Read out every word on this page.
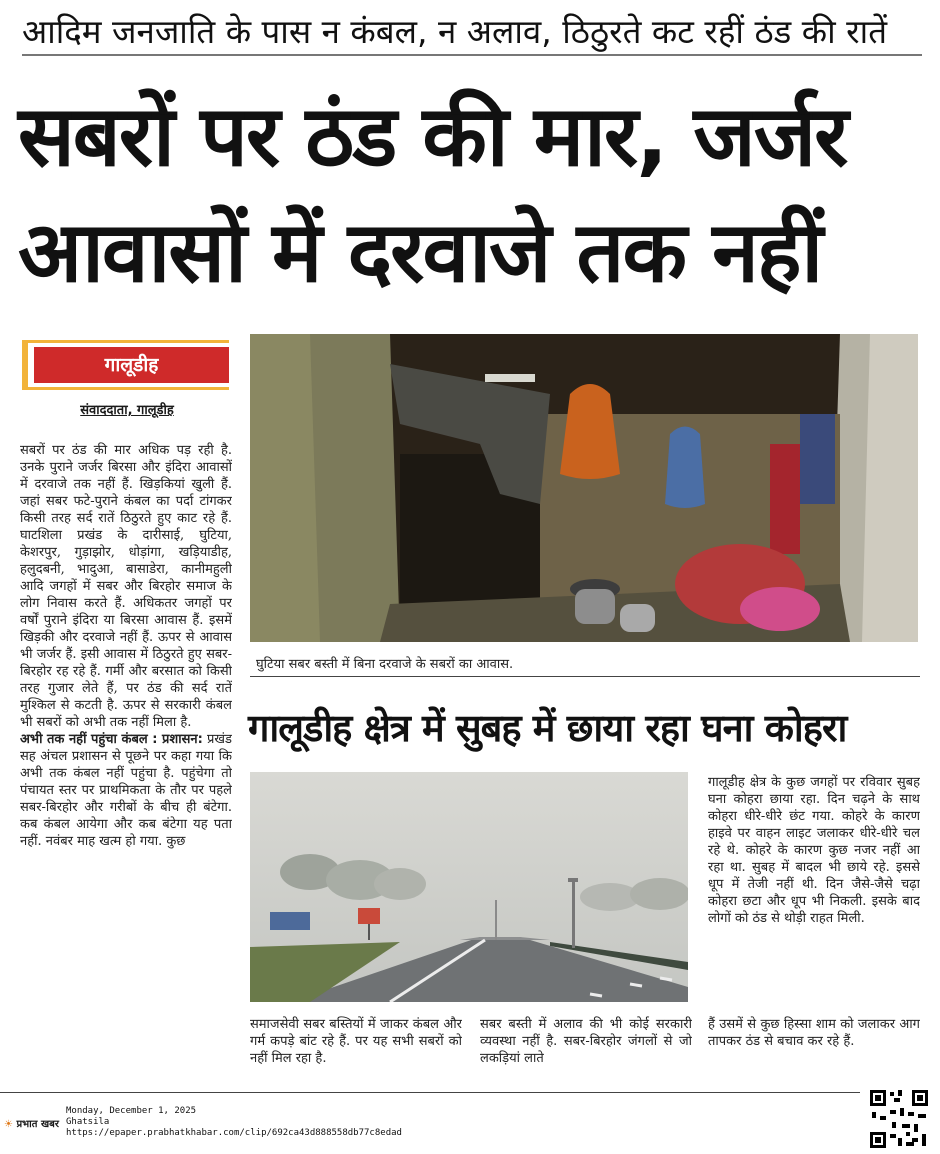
आदिम जनजाति के पास न कंबल, न अलाव, ठिठुरते कट रहीं ठंड की रातें
सबरों पर ठंड की मार, जर्जर
आवासों में दरवाजे तक नहीं
गालूडीह
संवाददाता, गालूडीह
सबरों पर ठंड की मार अधिक पड़ रही है. उनके पुराने जर्जर बिरसा और इंदिरा आवासों में दरवाजे तक नहीं हैं. खिड़कियां खुली हैं. जहां सबर फटे-पुराने कंबल का पर्दा टांगकर किसी तरह सर्द रातें ठिठुरते हुए काट रहे हैं. घाटशिला प्रखंड के दारीसाई, घुटिया, केशरपुर, गुड़ाझोर, धोड़ांगा, खड़ियाडीह, हलुदबनी, भादुआ, बासाडेरा, कानीमहुली आदि जगहों में सबर और बिरहोर समाज के लोग निवास करते हैं. अधिकतर जगहों पर वर्षों पुराने इंदिरा या बिरसा आवास हैं. इसमें खिड़की और दरवाजे नहीं हैं. ऊपर से आवास भी जर्जर हैं. इसी आवास में ठिठुरते हुए सबर-बिरहोर रह रहे हैं. गर्मी और बरसात को किसी तरह गुजार लेते हैं, पर ठंड की सर्द रातें मुश्किल से कटती है. ऊपर से सरकारी कंबल भी सबरों को अभी तक नहीं मिला है.
अभी तक नहीं पहुंचा कंबल : प्रशासन: प्रखंड सह अंचल प्रशासन से पूछने पर कहा गया कि अभी तक कंबल नहीं पहुंचा है. पहुंचेगा तो पंचायत स्तर पर प्राथमिकता के तौर पर पहले सबर-बिरहोर और गरीबों के बीच ही बंटेगा. कब कंबल आयेगा और कब बंटेगा यह पता नहीं. नवंबर माह खत्म हो गया. कुछ
घुटिया सबर बस्ती में बिना दरवाजे के सबरों का आवास.
गालूडीह क्षेत्र में सुबह में छाया रहा घना कोहरा
गालूडीह क्षेत्र के कुछ जगहों पर रविवार सुबह घना कोहरा छाया रहा. दिन चढ़ने के साथ कोहरा धीरे-धीरे छंट गया. कोहरे के कारण हाइवे पर वाहन लाइट जलाकर धीरे-धीरे चल रहे थे. कोहरे के कारण कुछ नजर नहीं आ रहा था. सुबह में बादल भी छाये रहे. इससे धूप में तेजी नहीं थी. दिन जैसे-जैसे चढ़ा कोहरा छटा और धूप भी निकली. इसके बाद लोगों को ठंड से थोड़ी राहत मिली.
समाजसेवी सबर बस्तियों में जाकर कंबल और गर्म कपड़े बांट रहे हैं. पर यह सभी सबरों को नहीं मिल रहा है.
सबर बस्ती में अलाव की भी कोई सरकारी व्यवस्था नहीं है. सबर-बिरहोर जंगलों से जो लकड़ियां लाते
हैं उसमें से कुछ हिस्सा शाम को जलाकर आग तापकर ठंड से बचाव कर रहे हैं.
☀ प्रभात खबर
Monday, December 1, 2025
Ghatsila
https://epaper.prabhatkhabar.com/clip/692ca43d888558db77c8edad
